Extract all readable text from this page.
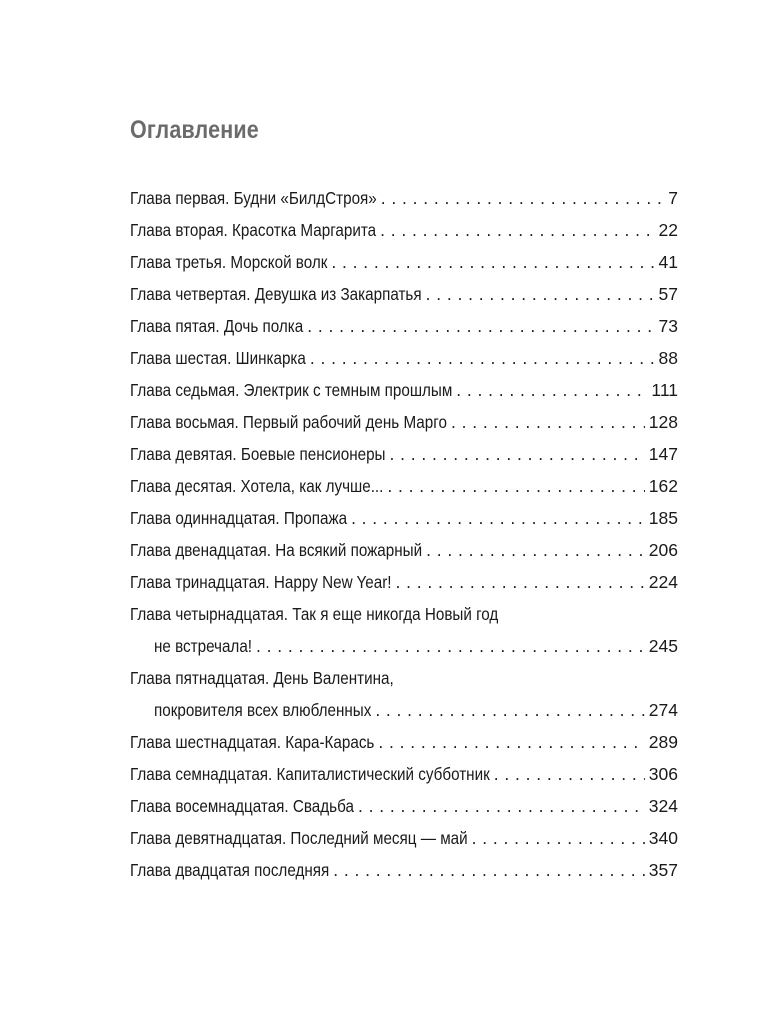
Оглавление
Глава первая. Будни «БилдСтроя» . . .	7
Глава вторая. Красотка Маргарита . . .	22
Глава третья. Морской волк . . .	41
Глава четвертая. Девушка из Закарпатья . . .	57
Глава пятая. Дочь полка . . .	73
Глава шестая. Шинкарка . . .	88
Глава седьмая. Электрик с темным прошлым . . .	111
Глава восьмая. Первый рабочий день Марго . . .	128
Глава девятая. Боевые пенсионеры . . .	147
Глава десятая. Хотела, как лучше... . . .	162
Глава одиннадцатая. Пропажа . . .	185
Глава двенадцатая. На всякий пожарный . . .	206
Глава тринадцатая. Happy New Year! . . .	224
Глава четырнадцатая. Так я еще никогда Новый год
не встречала! . . .	245
Глава пятнадцатая. День Валентина,
покровителя всех влюбленных . . .	274
Глава шестнадцатая. Кара-Карась . . .	289
Глава семнадцатая. Капиталистический субботник . . .	306
Глава восемнадцатая. Свадьба . . .	324
Глава девятнадцатая. Последний месяц — май . . .	340
Глава двадцатая последняя . . .	357
